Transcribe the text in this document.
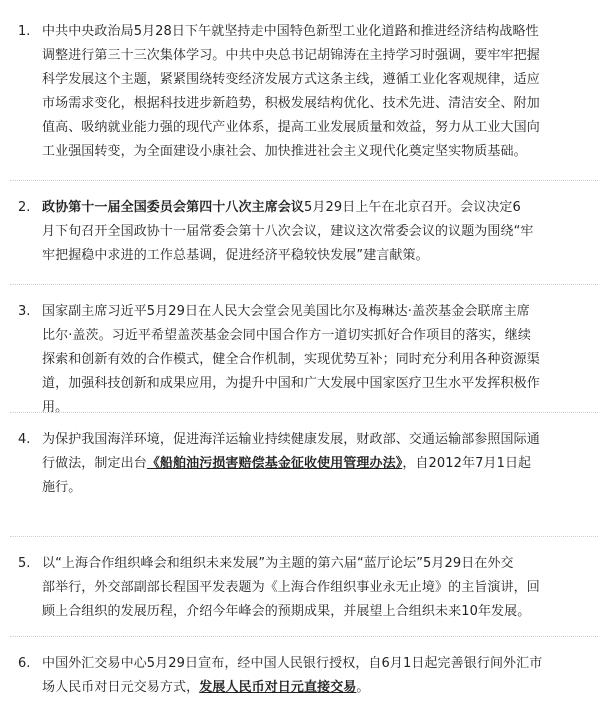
1. 中共中央政治局5月28日下午就坚持走中国特色新型工业化道路和推进经济结构战略性
调整进行第三十三次集体学习。中共中央总书记胡锦涛在主持学习时强调，要牢牢把握
科学发展这个主题，紧紧围绕转变经济发展方式这条主线，遵循工业化客观规律，适应
市场需求变化，根据科技进步新趋势，积极发展结构优化、技术先进、清洁安全、附加
值高、吸纳就业能力强的现代产业体系，提高工业发展质量和效益，努力从工业大国向
工业强国转变，为全面建设小康社会、加快推进社会主义现代化奠定坚实物质基础。
2. 政协第十一届全国委员会第四十八次主席会议5月29日上午在北京召开。会议决定6
月下旬召开全国政协十一届常委会第十八次会议，建议这次常委会议的议题为围绕“牢
牢把握稳中求进的工作总基调，促进经济平稳较快发展”建言献策。
3. 国家副主席习近平5月29日在人民大会堂会见美国比尔及梅琳达·盖茨基金会联席主席
比尔·盖茨。习近平希望盖茨基金会同中国合作方一道切实抓好合作项目的落实，继续
探索和创新有效的合作模式，健全合作机制，实现优势互补；同时充分利用各种资源渠
道，加强科技创新和成果应用，为提升中国和广大发展中国家医疗卫生水平发挥积极作
用。
4. 为保护我国海洋环境，促进海洋运输业持续健康发展，财政部、交通运输部参照国际通
行做法，制定出台《船舶油污损害赔偿基金征收使用管理办法》，自2012年7月1日起
施行。
5. 以“上海合作组织峰会和组织未来发展”为主题的第六届“蓝厅论坛”5月29日在外交
部举行，外交部副部长程国平发表题为《上海合作组织事业永无止境》的主旨演讲，回
顾上合组织的发展历程，介绍今年峰会的预期成果，并展望上合组织未来10年发展。
6. 中国外汇交易中心5月29日宣布，经中国人民银行授权，自6月1日起完善银行间外汇市
场人民币对日元交易方式，发展人民币对日元直接交易。
